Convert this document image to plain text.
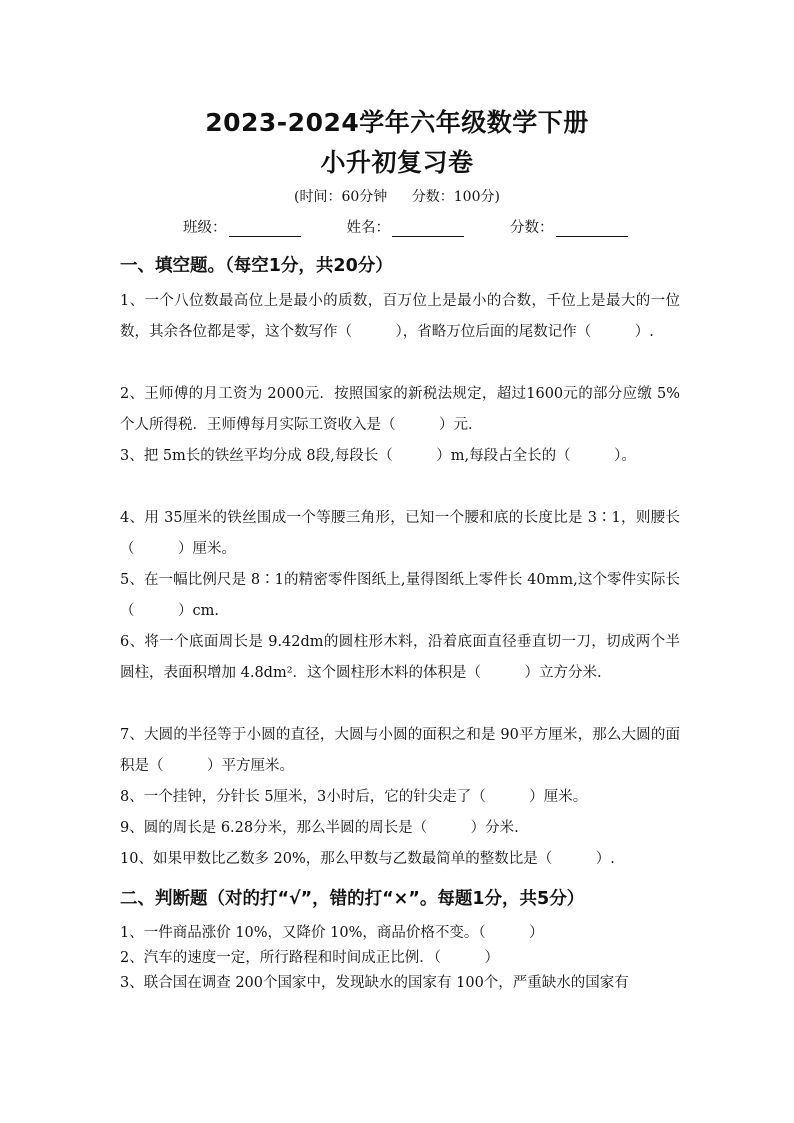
2023-2024学年六年级数学下册
小升初复习卷
(时间：60分钟 分数：100分)
班级：	姓名：	分数：
一、填空题。（每空1分，共20分）
1、一个八位数最高位上是最小的质数，百万位上是最小的合数，千位上是最大的一位数，其余各位都是零，这个数写作（　　　），省略万位后面的尾数记作（　　　）.
2、王师傅的月工资为 2000元．按照国家的新税法规定，超过1600元的部分应缴 5%个人所得税．王师傅每月实际工资收入是（　　　）元．
3、把 5m长的铁丝平均分成 8段,每段长（　　　）m,每段占全长的（　　　）。
4、用 35厘米的铁丝围成一个等腰三角形，已知一个腰和底的长度比是 3∶1，则腰长（　　　）厘米。
5、在一幅比例尺是 8∶1的精密零件图纸上,量得图纸上零件长 40mm,这个零件实际长（　　　）cm.
6、将一个底面周长是 9.42dm的圆柱形木料，沿着底面直径垂直切一刀，切成两个半圆柱，表面积增加 4.8dm²．这个圆柱形木料的体积是（　　　）立方分米.
7、大圆的半径等于小圆的直径，大圆与小圆的面积之和是 90平方厘米，那么大圆的面积是（　　　）平方厘米。
8、一个挂钟，分针长 5厘米，3小时后，它的针尖走了（　　　）厘米。
9、圆的周长是 6.28分米，那么半圆的周长是（　　　）分米.
10、如果甲数比乙数多 20%，那么甲数与乙数最简单的整数比是（　　　）.
二、判断题（对的打“√”，错的打“×”。每题1分，共5分）
1、一件商品涨价 10%，又降价 10%，商品价格不变。（　　　）
2、汽车的速度一定，所行路程和时间成正比例．（　　　）
3、联合国在调查 200个国家中，发现缺水的国家有 100个，严重缺水的国家有
